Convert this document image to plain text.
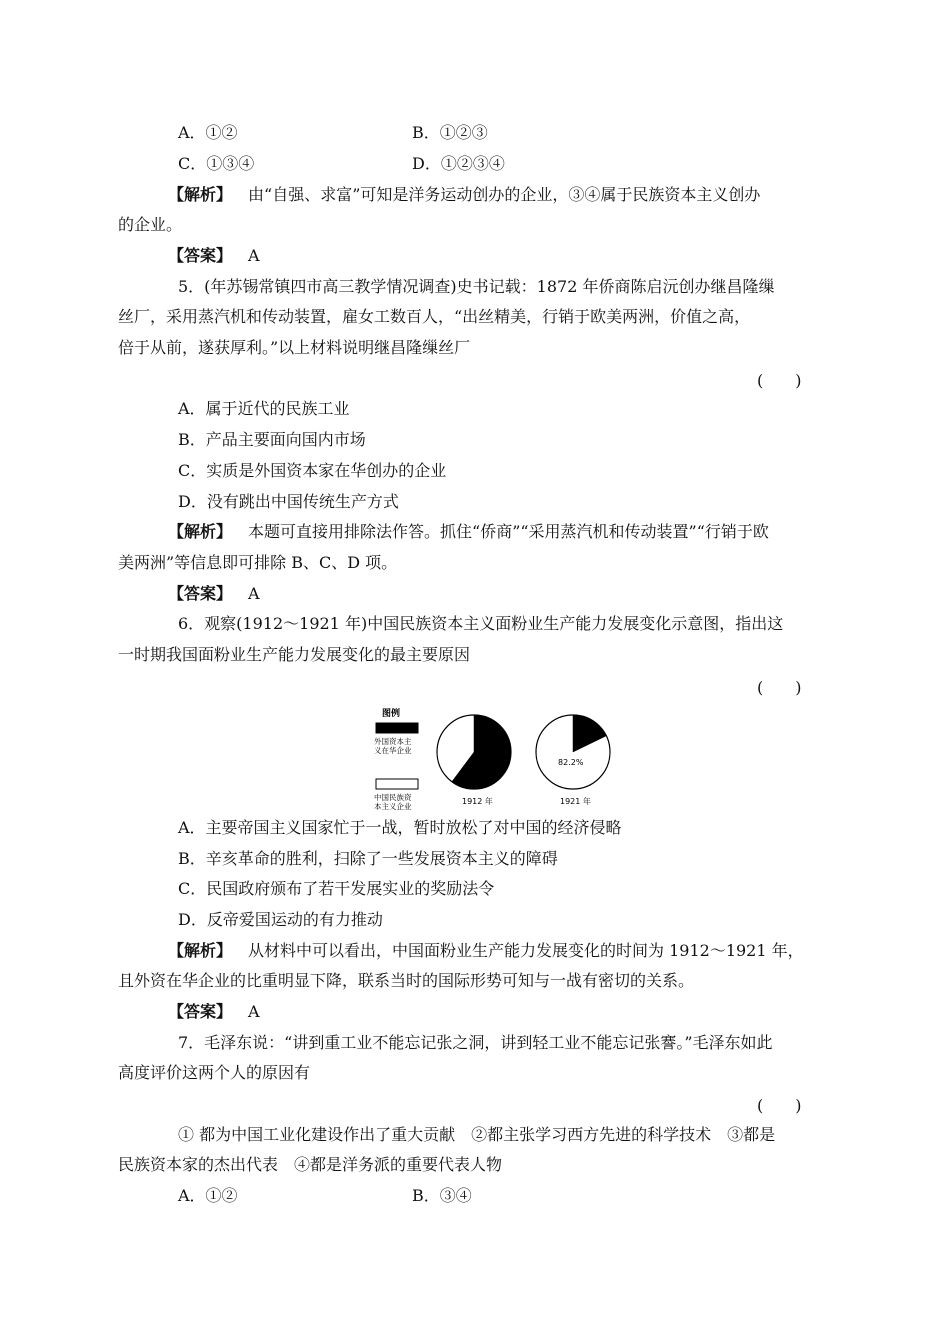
A．①②	B．①②③
C．①③④	D．①②③④
【解析】 由“自强、求富”可知是洋务运动创办的企业，③④属于民族资本主义创办
的企业。
【答案】 A
5．(年苏锡常镇四市高三教学情况调查)史书记载：1872 年侨商陈启沅创办继昌隆缫
丝厂，采用蒸汽机和传动装置，雇女工数百人，“出丝精美，行销于欧美两洲，价值之高，
倍于从前，遂获厚利。”以上材料说明继昌隆缫丝厂
(　　)
A．属于近代的民族工业
B．产品主要面向国内市场
C．实质是外国资本家在华创办的企业
D．没有跳出中国传统生产方式
【解析】 本题可直接用排除法作答。抓住“侨商”“采用蒸汽机和传动装置”“行销于欧
美两洲”等信息即可排除 B、C、D 项。
【答案】 A
6．观察(1912～1921 年)中国民族资本主义面粉业生产能力发展变化示意图，指出这
一时期我国面粉业生产能力发展变化的最主要原因
(　　)
图例
外国资本主
义在华企业
中国民族资
本主义企业
39.8%
1912 年
82.2%
1921 年
A．主要帝国主义国家忙于一战，暂时放松了对中国的经济侵略
B．辛亥革命的胜利，扫除了一些发展资本主义的障碍
C．民国政府颁布了若干发展实业的奖励法令
D．反帝爱国运动的有力推动
【解析】 从材料中可以看出，中国面粉业生产能力发展变化的时间为 1912～1921 年，
且外资在华企业的比重明显下降，联系当时的国际形势可知与一战有密切的关系。
【答案】 A
7．毛泽东说：“讲到重工业不能忘记张之洞，讲到轻工业不能忘记张謇。”毛泽东如此
高度评价这两个人的原因有
(　　)
① 都为中国工业化建设作出了重大贡献　②都主张学习西方先进的科学技术　③都是
民族资本家的杰出代表　④都是洋务派的重要代表人物
A．①②	B．③④
